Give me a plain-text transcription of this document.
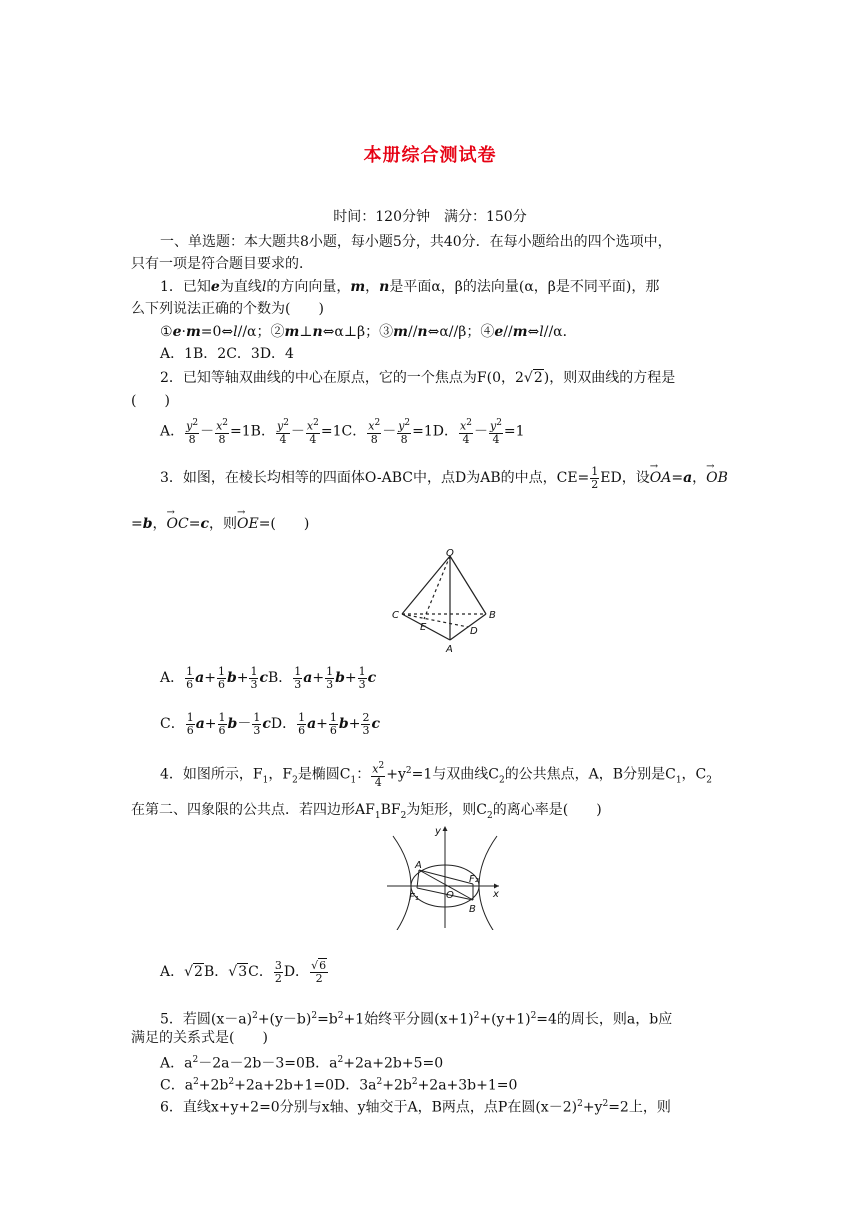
本册综合测试卷
时间：120分钟　满分：150分
一、单选题：本大题共8小题，每小题5分，共40分．在每小题给出的四个选项中，
只有一项是符合题目要求的．
1．已知e为直线l的方向向量，m，n是平面α，β的法向量(α，β是不同平面)，那
么下列说法正确的个数为(　　)
①e·m=0⇔l//α；②m⊥n⇔α⊥β；③m//n⇔α//β；④e//m⇔l//α．
A．1B．2C．3D．4
2．已知等轴双曲线的中心在原点，它的一个焦点为F(0，2√2)，则双曲线的方程是
(　　)
A． $\frac{y^2}{8} - \frac{x^2}{8} =1B$． $\frac{y^2}{4} - \frac{x^2}{4} =1C$． $\frac{x^2}{8} - \frac{y^2}{8} =1D$． $\frac{x^2}{4} - \frac{y^2}{4} =1$
3．如图，在棱长均相等的四面体O-ABC中，点D为AB的中点，$CE= \frac{1}{2}$ ED，设→ OA=a，→ OB
=b，→ OC=c，则→ OE=(　　)
O
C	B
E	D
A
A． $\frac{1}{6} a+ \frac{1}{6} b+ \frac{1}{3}$ cB． $\frac{1}{3} a+ \frac{1}{3} b+ \frac{1}{3}$ c
C． $\frac{1}{6} a+ \frac{1}{6} b- \frac{1}{3}$ cD． $\frac{1}{6} a+ \frac{1}{6} b+ \frac{2}{3}$ c
4．如图所示，$F_1$，$F_2$是椭圆$C_1$： $\frac{x^2}{4} +y^2=1$与双曲线$C_2$的公共焦点，A，B分别是$C_1$，$C_2$
在第二、四象限的公共点．若四边形$AF_1BF_2$为矩形，则$C_2$的离心率是(　　)
y
A
F₂
O	x
F₁
B
A．√2B．√3C． $\frac{3}{2}$ D． $\frac{√6}{2}$
5．若圆$(x-a)^2+(y-b)^2=b^2+1$始终平分圆$(x+1)^2+(y+1)^2=4$的周长，则a，b应
满足的关系式是(　　)
A．$a^2-2a-2b-3=0B$．$a^2+2a+2b+5=0$
C．$a^2+2b^2+2a+2b+1=0D$．$3a^2+2b^2+2a+3b+1=0$
6．直线x+y+2=0分别与x轴、y轴交于A，B两点，点P在圆$(x-2)^2+y^2=2$上，则
